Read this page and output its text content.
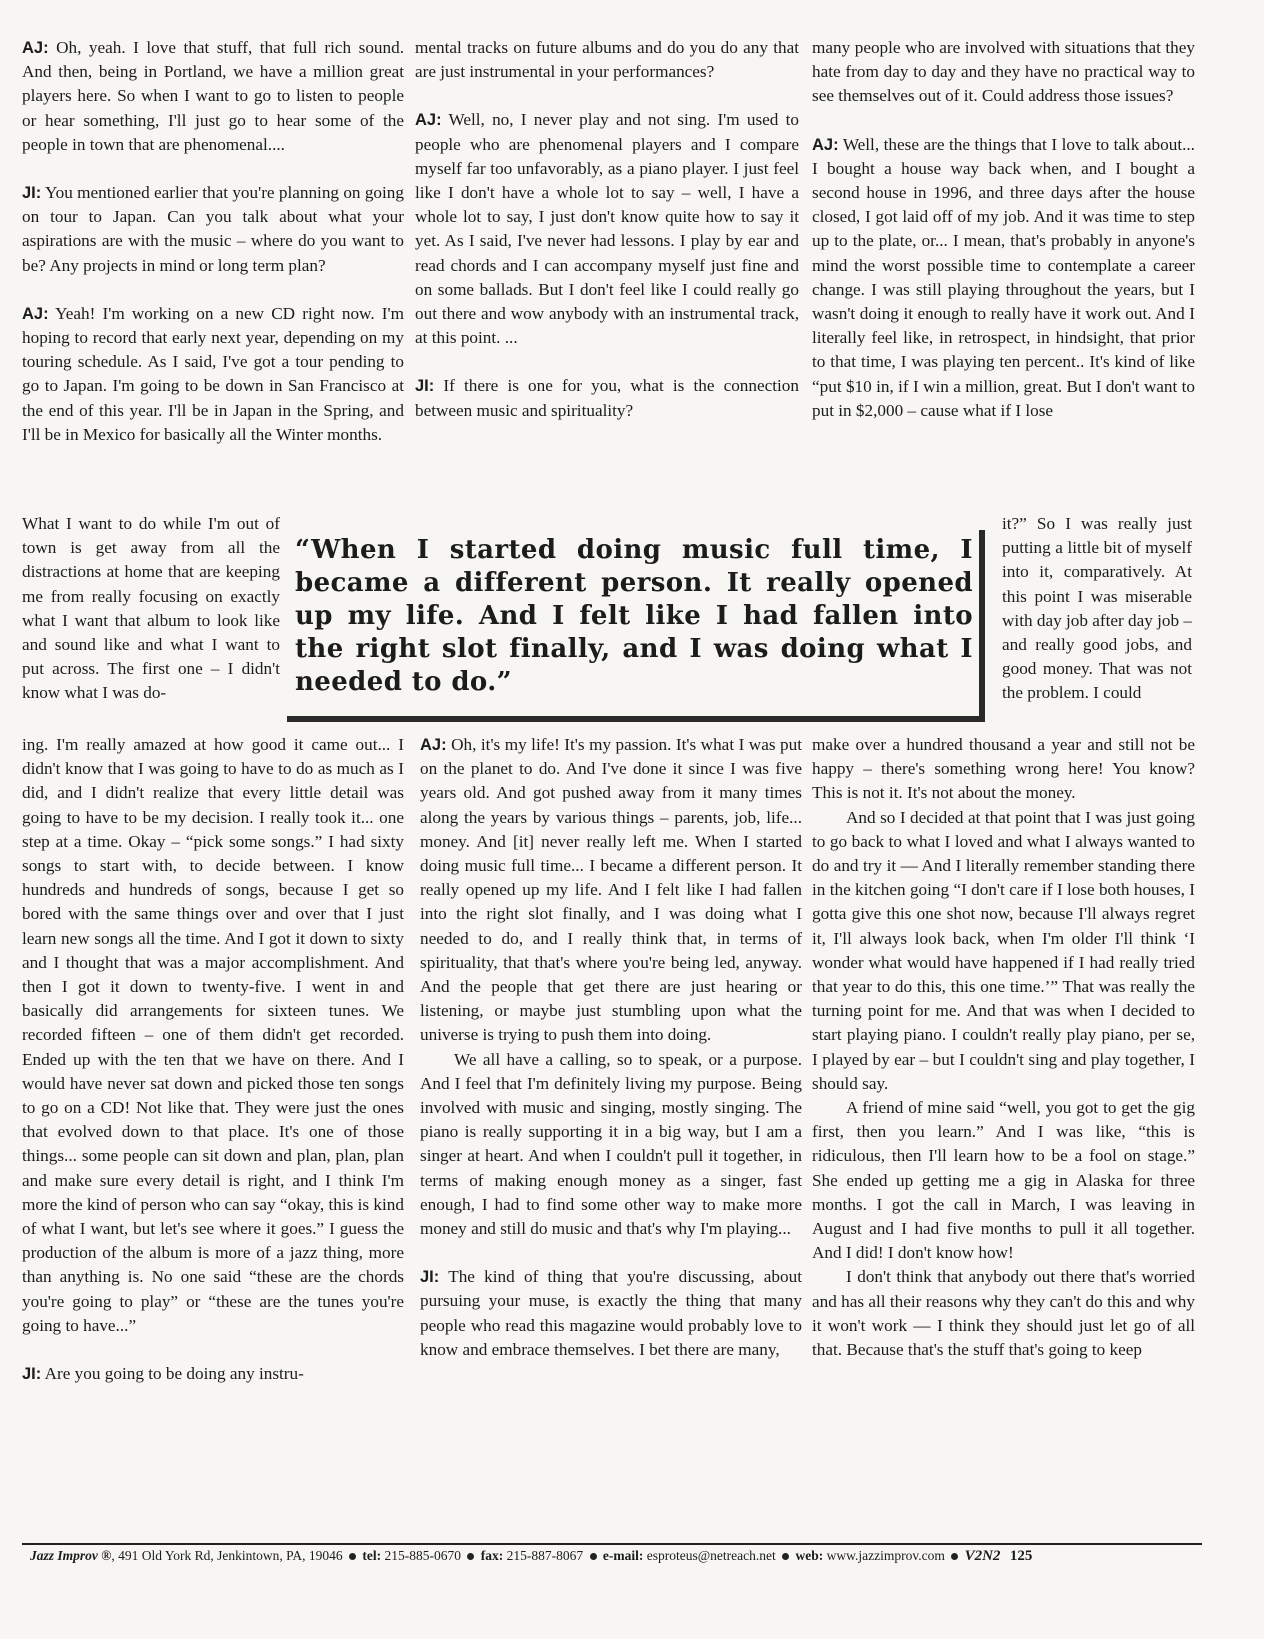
AJ: Oh, yeah. I love that stuff, that full rich sound. And then, being in Portland, we have a million great players here. So when I want to go to listen to people or hear something, I'll just go to hear some of the people in town that are phenomenal....

JI: You mentioned earlier that you're planning on going on tour to Japan. Can you talk about what your aspirations are with the music – where do you want to be? Any projects in mind or long term plan?

AJ: Yeah! I'm working on a new CD right now. I'm hoping to record that early next year, depending on my touring schedule. As I said, I've got a tour pending to go to Japan. I'm going to be down in San Francisco at the end of this year. I'll be in Japan in the Spring, and I'll be in Mexico for basically all the Winter months.

What I want to do while I'm out of town is get away from all the distractions at home that are keeping me from really focusing on exactly what I want that album to look like and sound like and what I want to put across. The first one – I didn't know what I was do-

mental tracks on future albums and do you do any that are just instrumental in your performances?

AJ: Well, no, I never play and not sing. I'm used to people who are phenomenal players and I compare myself far too unfavorably, as a piano player. I just feel like I don't have a whole lot to say – well, I have a whole lot to say, I just don't know quite how to say it yet. As I said, I've never had lessons. I play by ear and read chords and I can accompany myself just fine and on some ballads. But I don't feel like I could really go out there and wow anybody with an instrumental track, at this point. ...

JI: If there is one for you, what is the connection between music and spirituality?

many people who are involved with situations that they hate from day to day and they have no practical way to see themselves out of it. Could address those issues?

AJ: Well, these are the things that I love to talk about... I bought a house way back when, and I bought a second house in 1996, and three days after the house closed, I got laid off of my job. And it was time to step up to the plate, or... I mean, that's probably in anyone's mind the worst possible time to contemplate a career change. I was still playing throughout the years, but I wasn't doing it enough to really have it work out. And I literally feel like, in retrospect, in hindsight, that prior to that time, I was playing ten percent.. It's kind of like “put $10 in, if I win a million, great. But I don't want to put in $2,000 – cause what if I lose

it?” So I was really just putting a little bit of myself into it, comparatively. At this point I was miserable with day job after day job – and really good jobs, and good money. That was not the problem. I could

“When I started doing music full time, I became a different person. It really opened up my life. And I felt like I had fallen into the right slot finally, and I was doing what I needed to do.”

ing. I'm really amazed at how good it came out... I didn't know that I was going to have to do as much as I did, and I didn't realize that every little detail was going to have to be my decision. I really took it... one step at a time. Okay – “pick some songs.” I had sixty songs to start with, to decide between. I know hundreds and hundreds of songs, because I get so bored with the same things over and over that I just learn new songs all the time. And I got it down to sixty and I thought that was a major accomplishment. And then I got it down to twenty-five. I went in and basically did arrangements for sixteen tunes. We recorded fifteen – one of them didn't get recorded. Ended up with the ten that we have on there. And I would have never sat down and picked those ten songs to go on a CD! Not like that. They were just the ones that evolved down to that place. It's one of those things... some people can sit down and plan, plan, plan and make sure every detail is right, and I think I'm more the kind of person who can say “okay, this is kind of what I want, but let's see where it goes.” I guess the production of the album is more of a jazz thing, more than anything is. No one said “these are the chords you're going to play” or “these are the tunes you're going to have...”

JI: Are you going to be doing any instru-

AJ: Oh, it's my life! It's my passion. It's what I was put on the planet to do. And I've done it since I was five years old. And got pushed away from it many times along the years by various things – parents, job, life... money. And [it] never really left me. When I started doing music full time... I became a different person. It really opened up my life. And I felt like I had fallen into the right slot finally, and I was doing what I needed to do, and I really think that, in terms of spirituality, that that's where you're being led, anyway. And the people that get there are just hearing or listening, or maybe just stumbling upon what the universe is trying to push them into doing.

We all have a calling, so to speak, or a purpose. And I feel that I'm definitely living my purpose. Being involved with music and singing, mostly singing. The piano is really supporting it in a big way, but I am a singer at heart. And when I couldn't pull it together, in terms of making enough money as a singer, fast enough, I had to find some other way to make more money and still do music and that's why I'm playing...

JI: The kind of thing that you're discussing, about pursuing your muse, is exactly the thing that many people who read this magazine would probably love to know and embrace themselves. I bet there are many,

make over a hundred thousand a year and still not be happy – there's something wrong here! You know? This is not it. It's not about the money.

And so I decided at that point that I was just going to go back to what I loved and what I always wanted to do and try it — And I literally remember standing there in the kitchen going “I don't care if I lose both houses, I gotta give this one shot now, because I'll always regret it, I'll always look back, when I'm older I'll think ‘I wonder what would have happened if I had really tried that year to do this, this one time.’” That was really the turning point for me. And that was when I decided to start playing piano. I couldn't really play piano, per se, I played by ear – but I couldn't sing and play together, I should say.

A friend of mine said “well, you got to get the gig first, then you learn.” And I was like, “this is ridiculous, then I'll learn how to be a fool on stage.” She ended up getting me a gig in Alaska for three months. I got the call in March, I was leaving in August and I had five months to pull it all together. And I did! I don't know how!

I don't think that anybody out there that's worried and has all their reasons why they can't do this and why it won't work — I think they should just let go of all that. Because that's the stuff that's going to keep

Jazz Improv ®, 491 Old York Rd, Jenkintown, PA, 19046 tel: 215-885-0670 fax: 215-887-8067 e-mail: esproteus@netreach.net web: www.jazzimprov.com V2N2 125
